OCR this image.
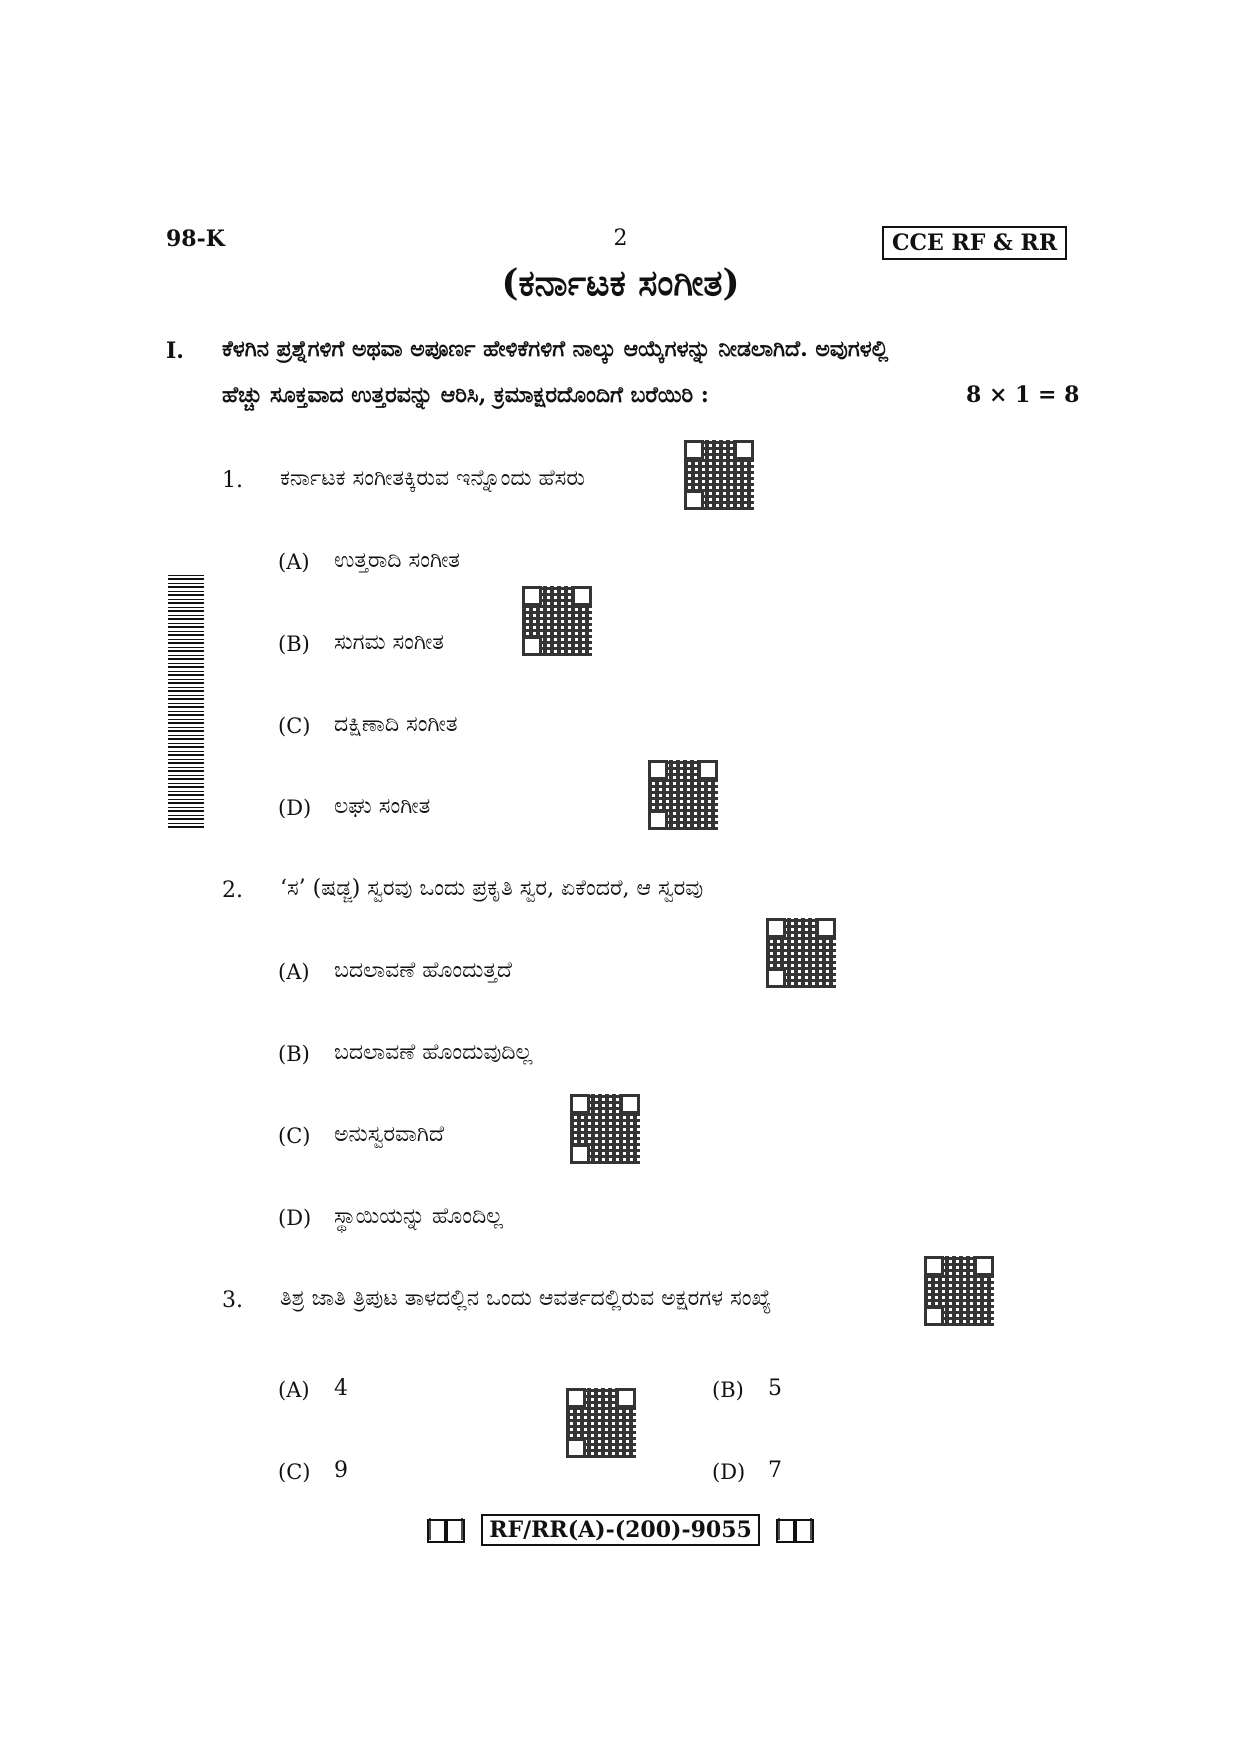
98-K	2	CCE RF & RR
(ಕರ್ನಾಟಕ ಸಂಗೀತ)
I. ಕೆಳಗಿನ ಪ್ರಶ್ನೆಗಳಿಗೆ ಅಥವಾ ಅಪೂರ್ಣ ಹೇಳಿಕೆಗಳಿಗೆ ನಾಲ್ಕು ಆಯ್ಕೆಗಳನ್ನು ನೀಡಲಾಗಿದೆ. ಅವುಗಳಲ್ಲಿ
ಹೆಚ್ಚು ಸೂಕ್ತವಾದ ಉತ್ತರವನ್ನು ಆರಿಸಿ, ಕ್ರಮಾಕ್ಷರದೊಂದಿಗೆ ಬರೆಯಿರಿ :	8 × 1 = 8
1. ಕರ್ನಾಟಕ ಸಂಗೀತಕ್ಕಿರುವ ಇನ್ನೊಂದು ಹೆಸರು
(A) ಉತ್ತರಾದಿ ಸಂಗೀತ
(B) ಸುಗಮ ಸಂಗೀತ
(C) ದಕ್ಷಿಣಾದಿ ಸಂಗೀತ
(D) ಲಘು ಸಂಗೀತ
2. ‘ಸ’ (ಷಡ್ಜ) ಸ್ವರವು ಒಂದು ಪ್ರಕೃತಿ ಸ್ವರ, ಏಕೆಂದರೆ, ಆ ಸ್ವರವು
(A) ಬದಲಾವಣೆ ಹೊಂದುತ್ತದೆ
(B) ಬದಲಾವಣೆ ಹೊಂದುವುದಿಲ್ಲ
(C) ಅನುಸ್ವರವಾಗಿದೆ
(D) ಸ್ಥಾಯಿಯನ್ನು ಹೊಂದಿಲ್ಲ
3. ತಿಶ್ರ ಜಾತಿ ತ್ರಿಪುಟ ತಾಳದಲ್ಲಿನ ಒಂದು ಆವರ್ತದಲ್ಲಿರುವ ಅಕ್ಷರಗಳ ಸಂಖ್ಯೆ
(A) 4	(B) 5
(C) 9	(D) 7
RF/RR(A)-(200)-9055
